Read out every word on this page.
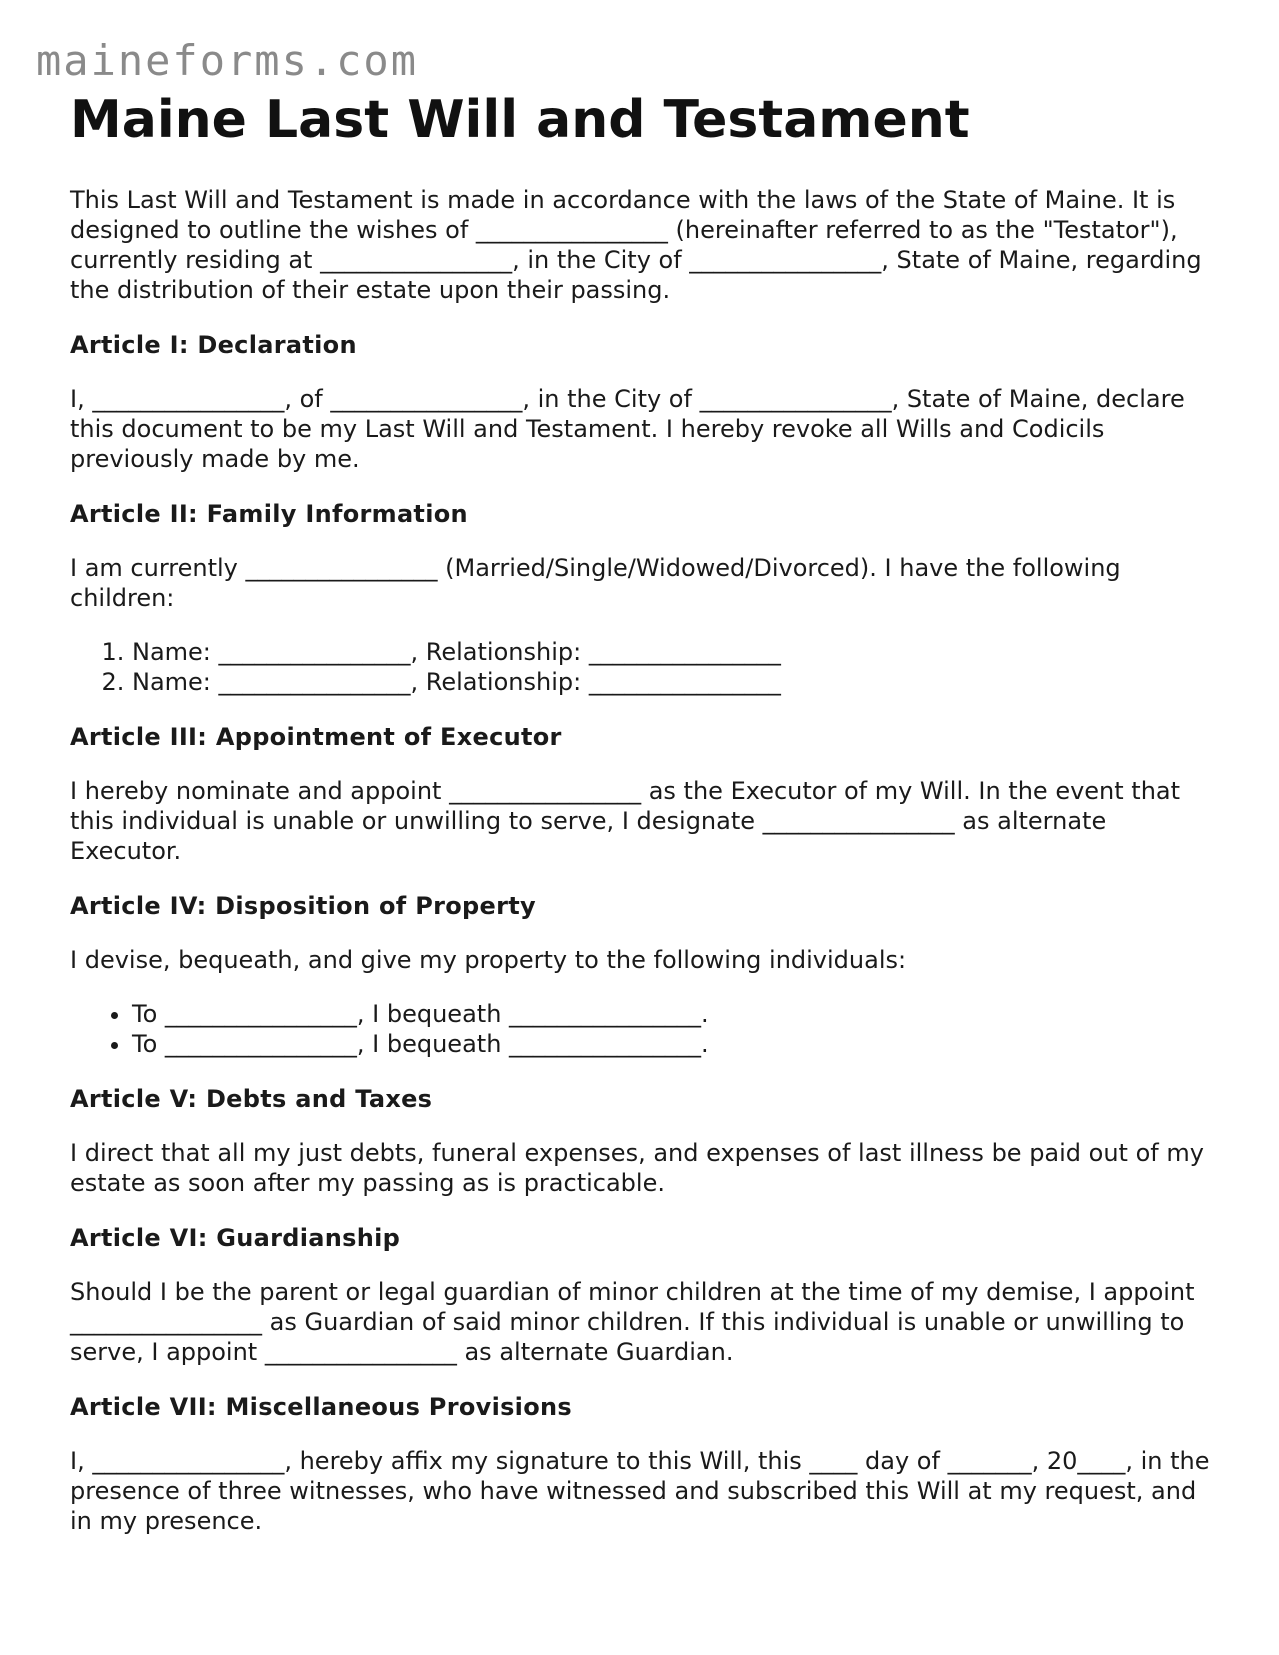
maineforms.com
Maine Last Will and Testament

This Last Will and Testament is made in accordance with the laws of the State of Maine. It is designed to outline the wishes of ________________ (hereinafter referred to as the "Testator"), currently residing at ________________, in the City of ________________, State of Maine, regarding the distribution of their estate upon their passing.

Article I: Declaration

I, ________________, of ________________, in the City of ________________, State of Maine, declare this document to be my Last Will and Testament. I hereby revoke all Wills and Codicils previously made by me.

Article II: Family Information

I am currently ________________ (Married/Single/Widowed/Divorced). I have the following children:

1. Name: ________________, Relationship: ________________
2. Name: ________________, Relationship: ________________
Article III: Appointment of Executor

I hereby nominate and appoint ________________ as the Executor of my Will. In the event that this individual is unable or unwilling to serve, I designate ________________ as alternate Executor.

Article IV: Disposition of Property

I devise, bequeath, and give my property to the following individuals:

• To ________________, I bequeath ________________.
• To ________________, I bequeath ________________.
Article V: Debts and Taxes

I direct that all my just debts, funeral expenses, and expenses of last illness be paid out of my estate as soon after my passing as is practicable.

Article VI: Guardianship

Should I be the parent or legal guardian of minor children at the time of my demise, I appoint ________________ as Guardian of said minor children. If this individual is unable or unwilling to serve, I appoint ________________ as alternate Guardian.

Article VII: Miscellaneous Provisions

I, ________________, hereby affix my signature to this Will, this ____ day of _______, 20____, in the presence of three witnesses, who have witnessed and subscribed this Will at my request, and in my presence.
